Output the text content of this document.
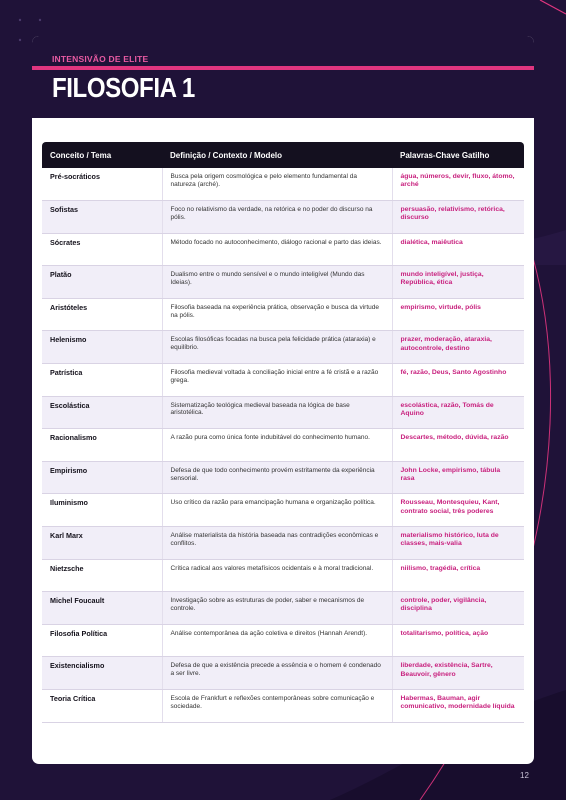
INTENSIVÃO DE ELITE
FILOSOFIA 1
Conceito / Tema	Definição / Contexto / Modelo	Palavras-Chave Gatilho
Pré-socráticos	Busca pela origem cosmológica e pelo elemento fundamental da natureza (arché).	água, números, devir, fluxo, átomo, arché
Sofistas	Foco no relativismo da verdade, na retórica e no poder do discurso na pólis.	persuasão, relativismo, retórica, discurso
Sócrates	Método focado no autoconhecimento, diálogo racional e parto das ideias.	dialética, maiêutica
Platão	Dualismo entre o mundo sensível e o mundo inteligível (Mundo das Ideias).	mundo inteligível, justiça, República, ética
Aristóteles	Filosofia baseada na experiência prática, observação e busca da virtude na pólis.	empirismo, virtude, pólis
Helenismo	Escolas filosóficas focadas na busca pela felicidade prática (ataraxia) e equilíbrio.	prazer, moderação, ataraxia, autocontrole, destino
Patrística	Filosofia medieval voltada à conciliação inicial entre a fé cristã e a razão grega.	fé, razão, Deus, Santo Agostinho
Escolástica	Sistematização teológica medieval baseada na lógica de base aristotélica.	escolástica, razão, Tomás de Aquino
Racionalismo	A razão pura como única fonte indubitável do conhecimento humano.	Descartes, método, dúvida, razão
Empirismo	Defesa de que todo conhecimento provém estritamente da experiência sensorial.	John Locke, empirismo, tábula rasa
Iluminismo	Uso crítico da razão para emancipação humana e organização política.	Rousseau, Montesquieu, Kant, contrato social, três poderes
Karl Marx	Análise materialista da história baseada nas contradições econômicas e conflitos.	materialismo histórico, luta de classes, mais-valia
Nietzsche	Crítica radical aos valores metafísicos ocidentais e à moral tradicional.	niilismo, tragédia, crítica
Michel Foucault	Investigação sobre as estruturas de poder, saber e mecanismos de controle.	controle, poder, vigilância, disciplina
Filosofia Política	Análise contemporânea da ação coletiva e direitos (Hannah Arendt).	totalitarismo, política, ação
Existencialismo	Defesa de que a existência precede a essência e o homem é condenado a ser livre.	liberdade, existência, Sartre, Beauvoir, gênero
Teoria Crítica	Escola de Frankfurt e reflexões contemporâneas sobre comunicação e sociedade.	Habermas, Bauman, agir comunicativo, modernidade líquida
12
